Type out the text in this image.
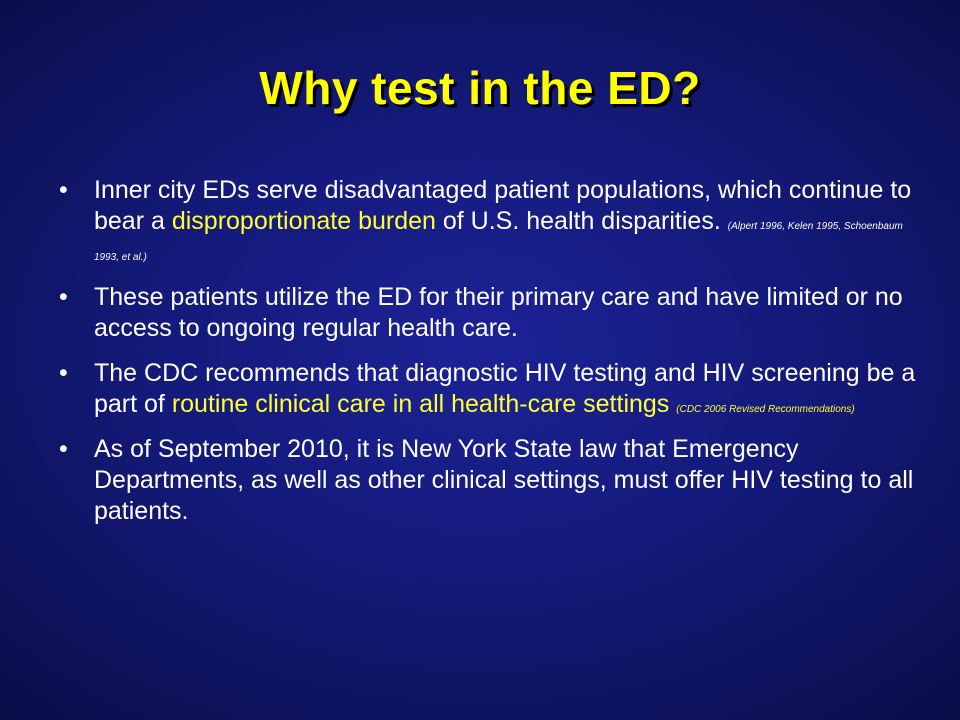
Why test in the ED?
• Inner city EDs serve disadvantaged patient populations, which continue to bear a disproportionate burden of U.S. health disparities. (Alpert 1996, Kelen 1995, Schoenbaum 1993, et al.)
• These patients utilize the ED for their primary care and have limited or no access to ongoing regular health care.
• The CDC recommends that diagnostic HIV testing and HIV screening be a part of routine clinical care in all health-care settings (CDC 2006 Revised Recommendations)
• As of September 2010, it is New York State law that Emergency Departments, as well as other clinical settings, must offer HIV testing to all patients.
